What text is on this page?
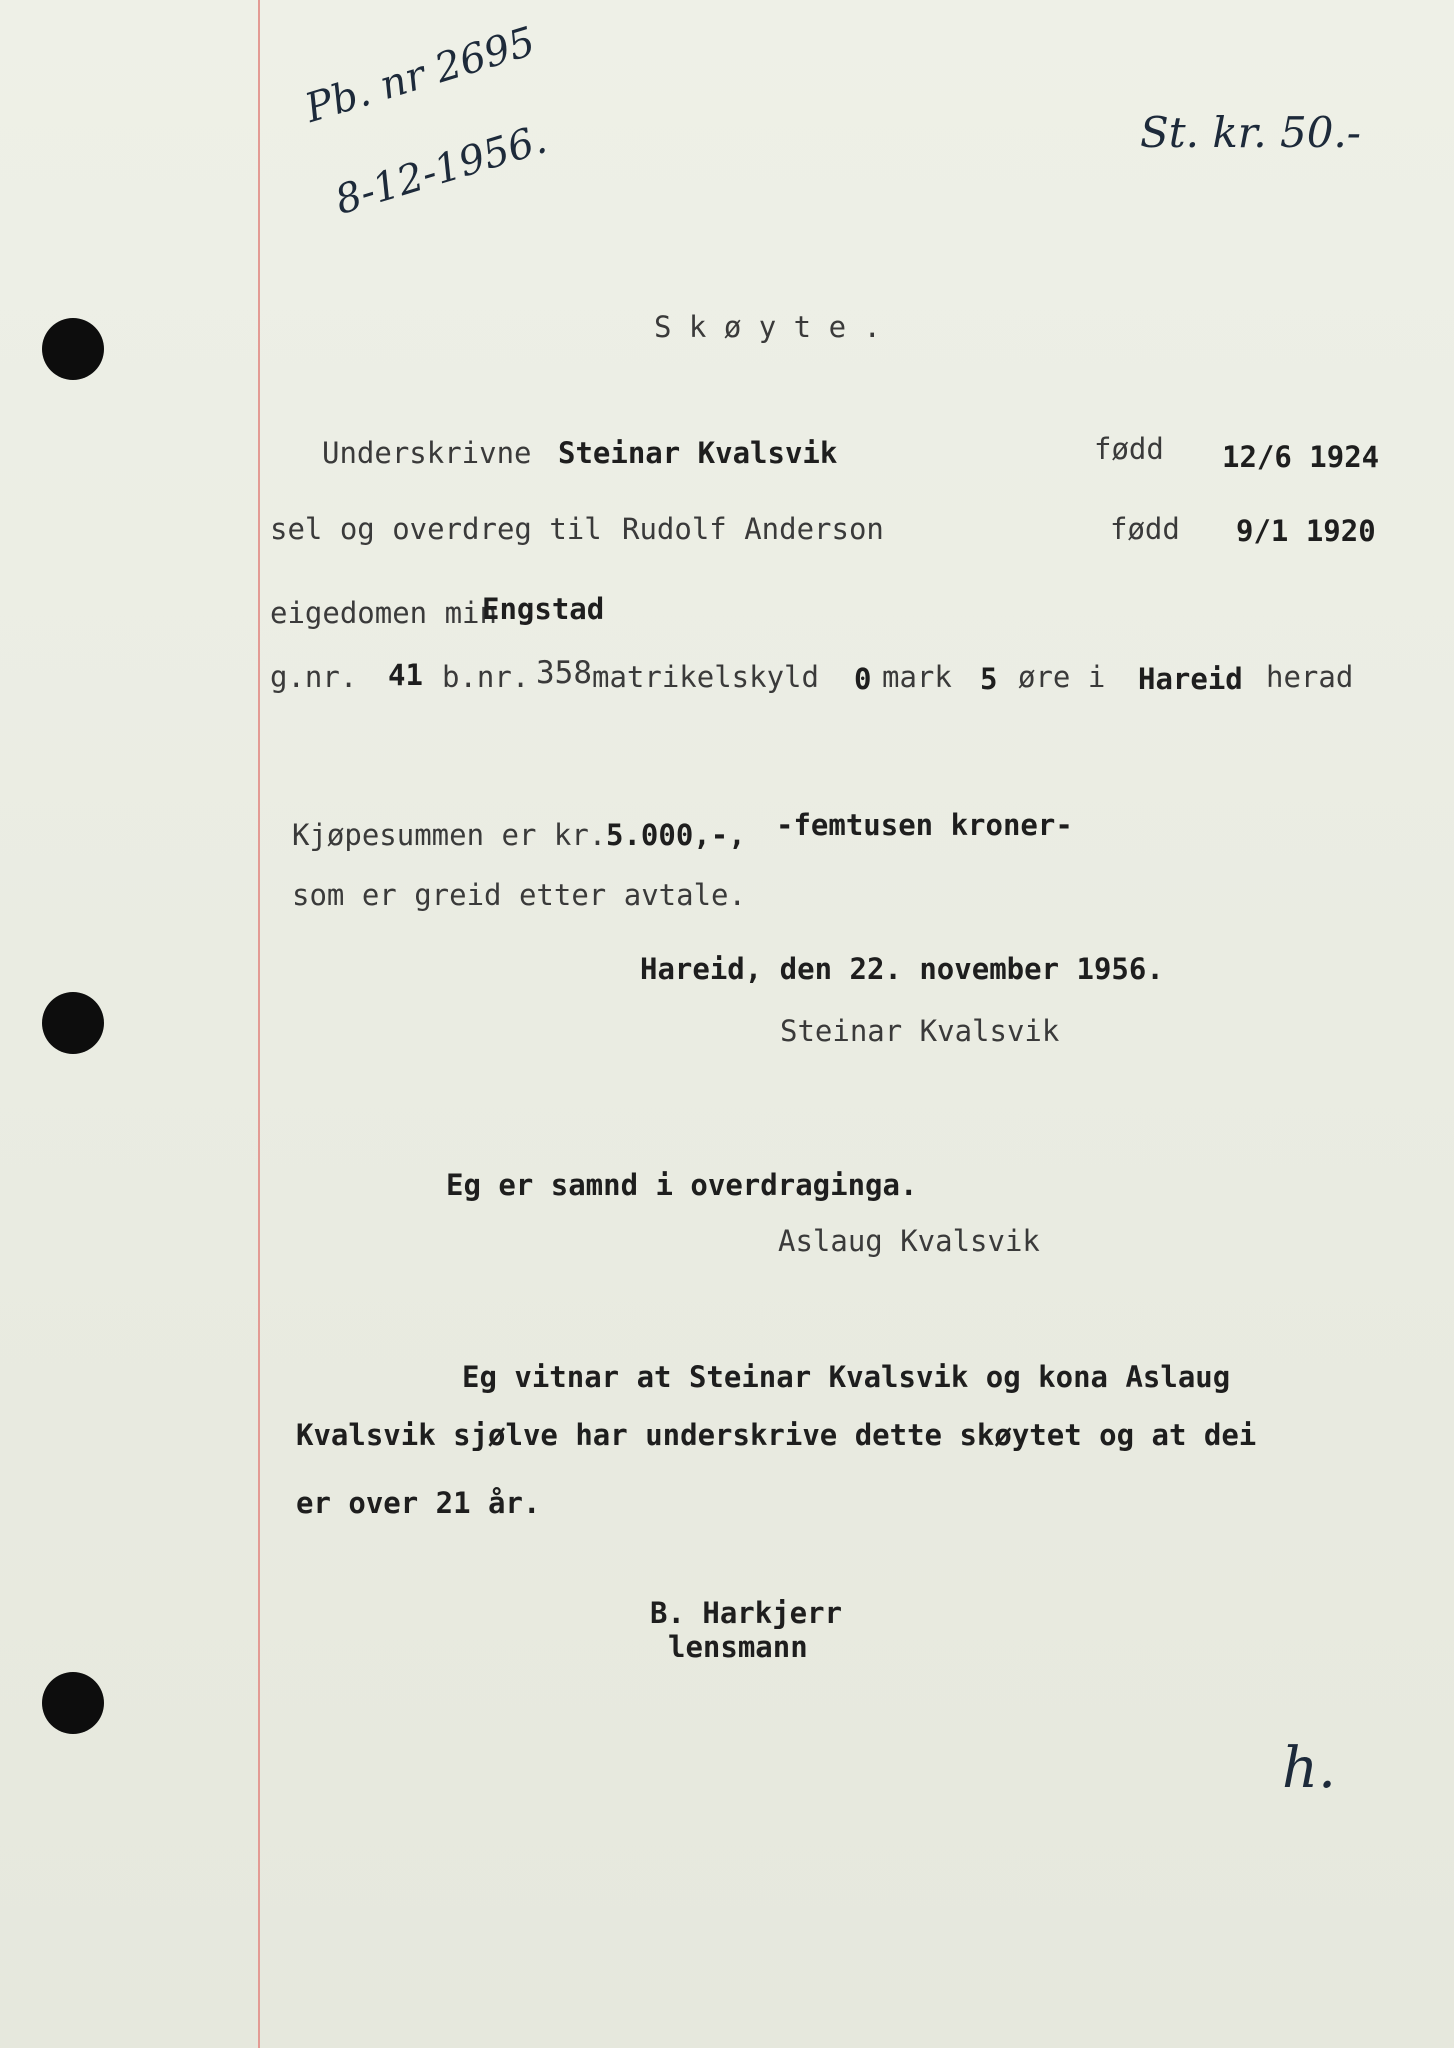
Pb. nr 2695
8-12-1956.	St. kr. 50.-
h.
S k ø y t e .
Underskrivne Steinar Kvalsvik	fødd 12/6 1924
sel og overdreg til Rudolf Anderson	fødd 9/1 1920
eigedomen min
Engstad
g.nr. 41 b.nr. 358 matrikelskyld 0 mark 5 øre i Hareid herad
Kjøpesummen er kr. 5.000,-, -femtusen kroner-
som er greid etter avtale.
Hareid, den 22. november 1956.
Steinar Kvalsvik
Eg er samnd i overdraginga.
Aslaug Kvalsvik
Eg vitnar at Steinar Kvalsvik og kona Aslaug
Kvalsvik sjølve har underskrive dette skøytet og at dei
er over 21 år.
B. Harkjerr
lensmann
